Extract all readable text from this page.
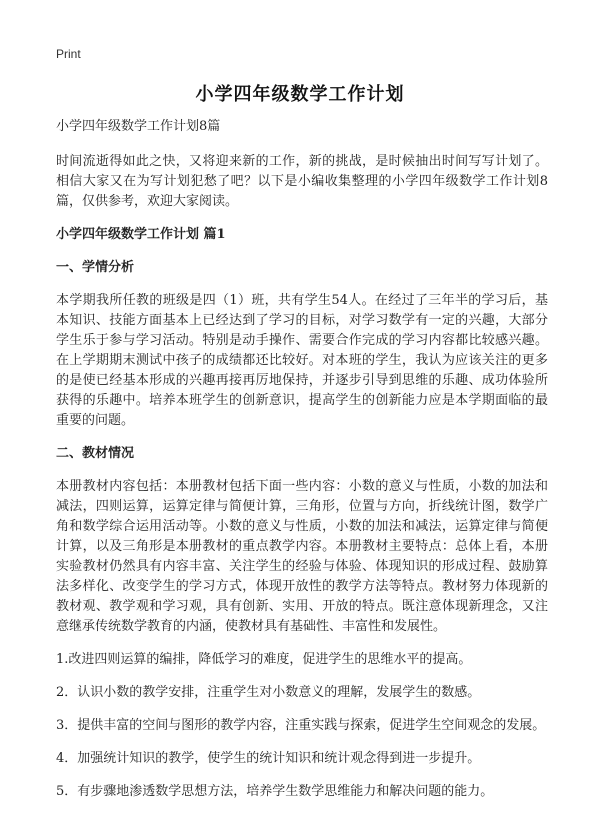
Print
小学四年级数学工作计划
小学四年级数学工作计划8篇

时间流逝得如此之快，又将迎来新的工作，新的挑战，是时候抽出时间写写计划了。相信大家又在为写计划犯愁了吧？以下是小编收集整理的小学四年级数学工作计划8篇，仅供参考，欢迎大家阅读。

小学四年级数学工作计划 篇1
一、学情分析

本学期我所任教的班级是四（1）班，共有学生54人。在经过了三年半的学习后，基本知识、技能方面基本上已经达到了学习的目标，对学习数学有一定的兴趣，大部分学生乐于参与学习活动。特别是动手操作、需要合作完成的学习内容都比较感兴趣。在上学期期末测试中孩子的成绩都还比较好。对本班的学生，我认为应该关注的更多的是使已经基本形成的兴趣再接再厉地保持，并逐步引导到思维的乐趣、成功体验所获得的乐趣中。培养本班学生的创新意识，提高学生的创新能力应是本学期面临的最重要的问题。

二、教材情况

本册教材内容包括：本册教材包括下面一些内容：小数的意义与性质，小数的加法和减法，四则运算，运算定律与简便计算，三角形，位置与方向，折线统计图，数学广角和数学综合运用活动等。小数的意义与性质，小数的加法和减法，运算定律与简便计算，以及三角形是本册教材的重点教学内容。本册教材主要特点：总体上看，本册实验教材仍然具有内容丰富、关注学生的经验与体验、体现知识的形成过程、鼓励算法多样化、改变学生的学习方式，体现开放性的教学方法等特点。教材努力体现新的教材观、教学观和学习观，具有创新、实用、开放的特点。既注意体现新理念，又注意继承传统数学教育的内涵，使教材具有基础性、丰富性和发展性。

1.改进四则运算的编排，降低学习的难度，促进学生的思维水平的提高。

2．认识小数的教学安排，注重学生对小数意义的理解，发展学生的数感。

3．提供丰富的空间与图形的教学内容，注重实践与探索，促进学生空间观念的发展。

4．加强统计知识的教学，使学生的统计知识和统计观念得到进一步提升。

5．有步骤地渗透数学思想方法，培养学生数学思维能力和解决问题的能力。
